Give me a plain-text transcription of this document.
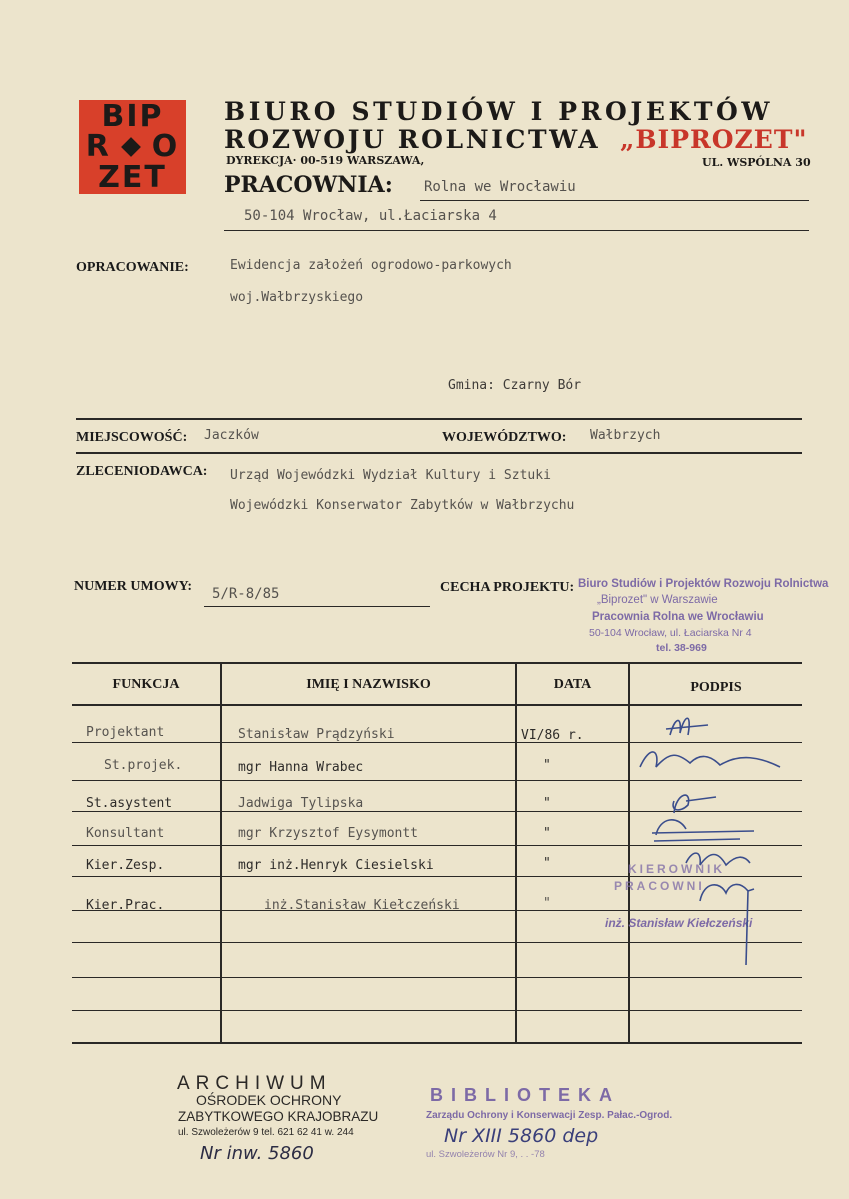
BIP
R O
ZET
BIURO STUDIÓW I PROJEKTÓW
ROZWOJU ROLNICTWA „BIPROZET"
DYREKCJA· 00-519 WARSZAWA,	UL. WSPÓLNA 30
PRACOWNIA: Rolna we Wrocławiu
50-104 Wrocław, ul.Łaciarska 4
OPRACOWANIE:	Ewidencja założeń ogrodowo-parkowych
woj.Wałbrzyskiego
Gmina: Czarny Bór
MIEJSCOWOŚĆ: Jaczków	WOJEWÓDZTWO: Wałbrzych
ZLECENIODAWCA: Urząd Wojewódzki Wydział Kultury i Sztuki
Wojewódzki Konserwator Zabytków w Wałbrzychu
NUMER UMOWY: 5/R-8/85	CECHA PROJEKTU: Biuro Studiów i Projektów Rozwoju Rolnictwa
„Biprozet" w Warszawie
Pracownia Rolna we Wrocławiu
50-104 Wrocław, ul. Łaciarska Nr 4
tel. 38-969
FUNKCJA	IMIĘ I NAZWISKO	DATA	PODPIS
Projektant	Stanisław Prądzyński	VI/86 r.
St.projek.	mgr Hanna Wrabec	"
St.asystent	Jadwiga Tylipska	"
Konsultant	mgr Krzysztof Eysymontt	"
Kier.Zesp.	mgr inż.Henryk Ciesielski	"
Kier.Prac.	inż.Stanisław Kiełczeński	"
KIEROWNIK
PRACOWNI
inż. Stanisław Kiełczeński
ARCHIWUM
OŚRODEK OCHRONY
ZABYTKOWEGO KRAJOBRAZU
ul. Szwoleżerów 9 tel. 621 62 41 w. 244
Nr inw. 5860
BIBLIOTEKA
Zarządu Ochrony i Konserwacji Zesp. Pałac.-Ogrod.
Nr XIII 5860 dep
ul. Szwoleżerów Nr 9, . . -78
